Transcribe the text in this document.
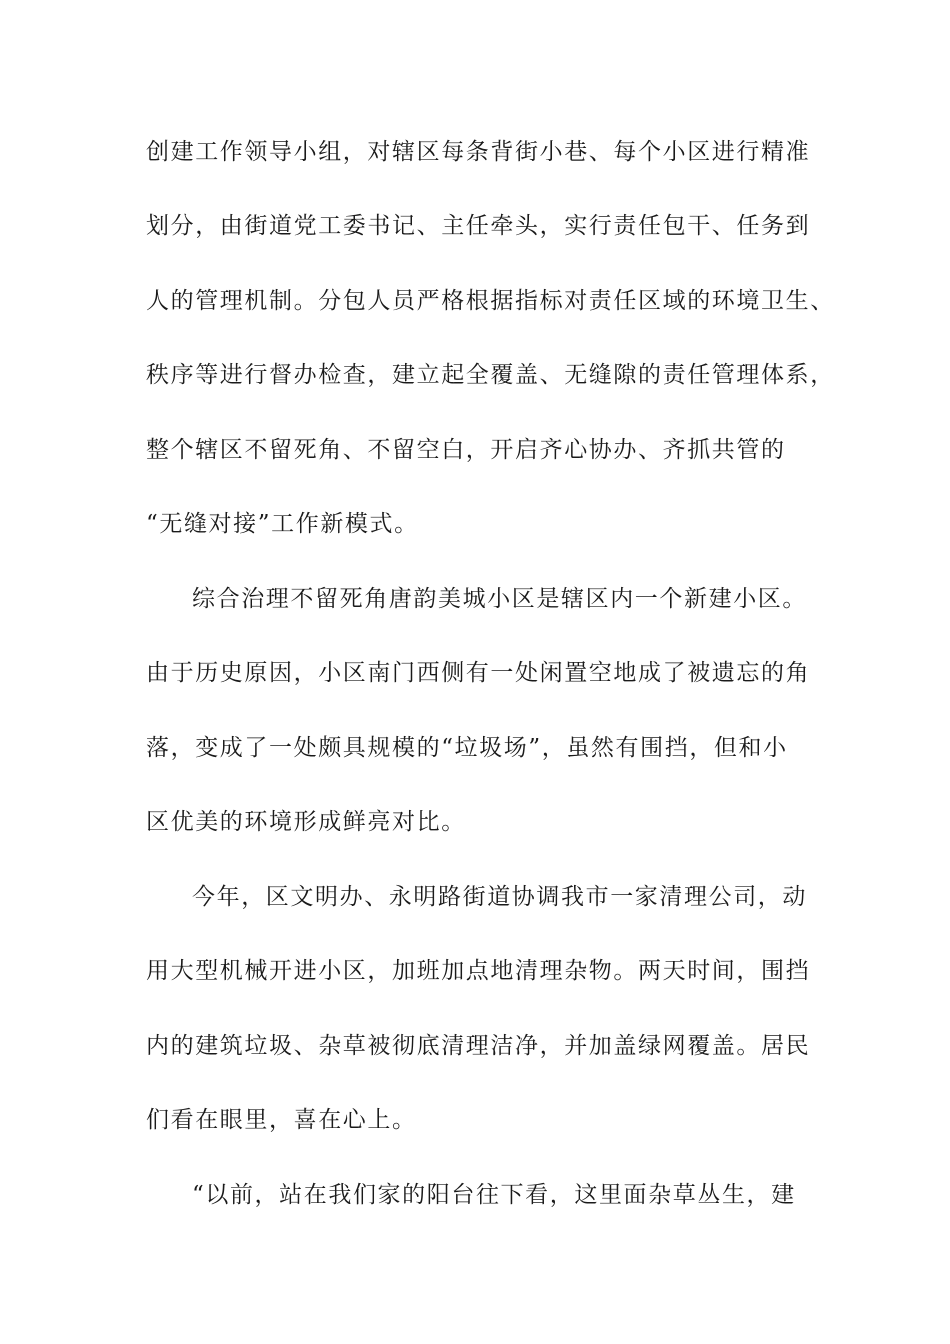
创建工作领导小组，对辖区每条背街小巷、每个小区进行精准
划分，由街道党工委书记、主任牵头，实行责任包干、任务到
人的管理机制。分包人员严格根据指标对责任区域的环境卫生、
秩序等进行督办检查，建立起全覆盖、无缝隙的责任管理体系，
整个辖区不留死角、不留空白，开启齐心协办、齐抓共管的
“无缝对接”工作新模式。
综合治理不留死角唐韵美城小区是辖区内一个新建小区。
由于历史原因，小区南门西侧有一处闲置空地成了被遗忘的角
落，变成了一处颇具规模的“垃圾场”，虽然有围挡，但和小
区优美的环境形成鲜亮对比。
今年，区文明办、永明路街道协调我市一家清理公司，动
用大型机械开进小区，加班加点地清理杂物。两天时间，围挡
内的建筑垃圾、杂草被彻底清理洁净，并加盖绿网覆盖。居民
们看在眼里，喜在心上。
“以前，站在我们家的阳台往下看，这里面杂草丛生，建
